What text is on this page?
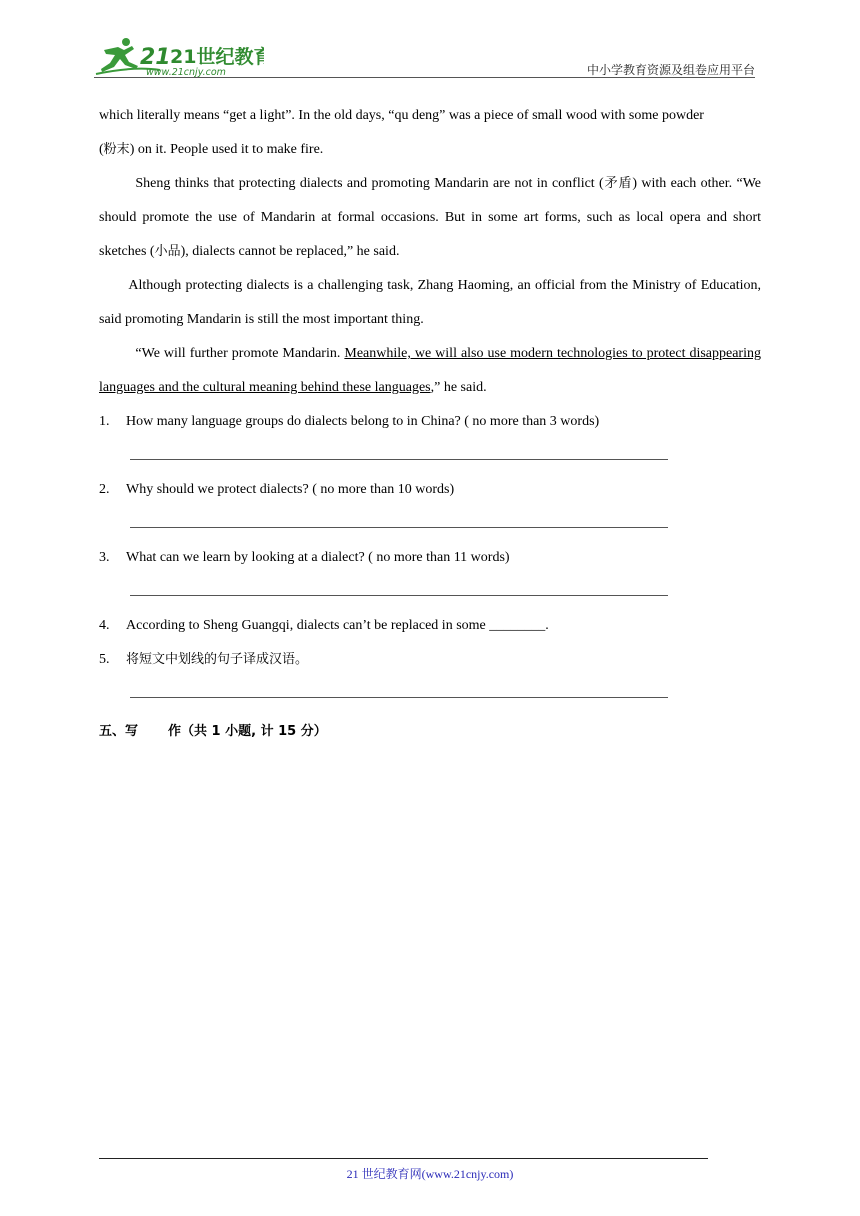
21 21世纪教育
www.21cnjy.com	中小学教育资源及组卷应用平台

which literally means “get a light”. In the old days, “qu deng” was a piece of small wood with some powder
(粉末) on it. People used it to make fire.

Sheng thinks that protecting dialects and promoting Mandarin are not in conflict (矛盾) with each other. “We should promote the use of Mandarin at formal occasions. But in some art forms, such as local opera and short sketches (小品), dialects cannot be replaced,” he said.

Although protecting dialects is a challenging task, Zhang Haoming, an official from the Ministry of Education, said promoting Mandarin is still the most important thing.

“We will further promote Mandarin. Meanwhile, we will also use modern technologies to protect disappearing languages and the cultural meaning behind these languages,” he said.

1.	How many language groups do dialects belong to in China? ( no more than 3 words)
2.	Why should we protect dialects? ( no more than 10 words)
3.	What can we learn by looking at a dialect? ( no more than 11 words)
4.	According to Sheng Guangqi, dialects can’t be replaced in some ________.
5.	将短文中划线的句子译成汉语。
五、写 作（共 1 小题, 计 15 分）
21 世纪教育网(www.21cnjy.com)
